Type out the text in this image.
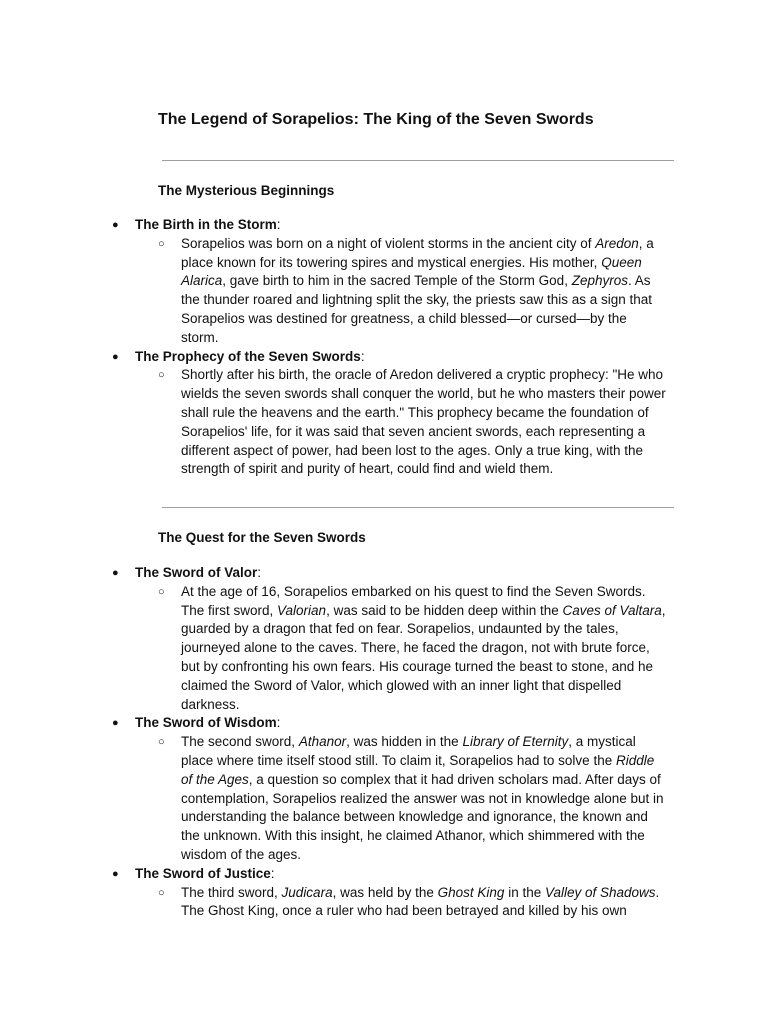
The Legend of Sorapelios: The King of the Seven Swords
The Mysterious Beginnings
● The Birth in the Storm:
○ Sorapelios was born on a night of violent storms in the ancient city of Aredon, a
place known for its towering spires and mystical energies. His mother, Queen
Alarica, gave birth to him in the sacred Temple of the Storm God, Zephyros. As
the thunder roared and lightning split the sky, the priests saw this as a sign that
Sorapelios was destined for greatness, a child blessed—or cursed—by the
storm.

● The Prophecy of the Seven Swords:
○ Shortly after his birth, the oracle of Aredon delivered a cryptic prophecy: "He who
wields the seven swords shall conquer the world, but he who masters their power
shall rule the heavens and the earth." This prophecy became the foundation of
Sorapelios' life, for it was said that seven ancient swords, each representing a
different aspect of power, had been lost to the ages. Only a true king, with the
strength of spirit and purity of heart, could find and wield them.

The Quest for the Seven Swords
● The Sword of Valor:
○ At the age of 16, Sorapelios embarked on his quest to find the Seven Swords.
The first sword, Valorian, was said to be hidden deep within the Caves of Valtara,
guarded by a dragon that fed on fear. Sorapelios, undaunted by the tales,
journeyed alone to the caves. There, he faced the dragon, not with brute force,
but by confronting his own fears. His courage turned the beast to stone, and he
claimed the Sword of Valor, which glowed with an inner light that dispelled
darkness.

● The Sword of Wisdom:
○ The second sword, Athanor, was hidden in the Library of Eternity, a mystical
place where time itself stood still. To claim it, Sorapelios had to solve the Riddle
of the Ages, a question so complex that it had driven scholars mad. After days of
contemplation, Sorapelios realized the answer was not in knowledge alone but in
understanding the balance between knowledge and ignorance, the known and
the unknown. With this insight, he claimed Athanor, which shimmered with the
wisdom of the ages.

● The Sword of Justice:
○ The third sword, Judicara, was held by the Ghost King in the Valley of Shadows.
The Ghost King, once a ruler who had been betrayed and killed by his own
